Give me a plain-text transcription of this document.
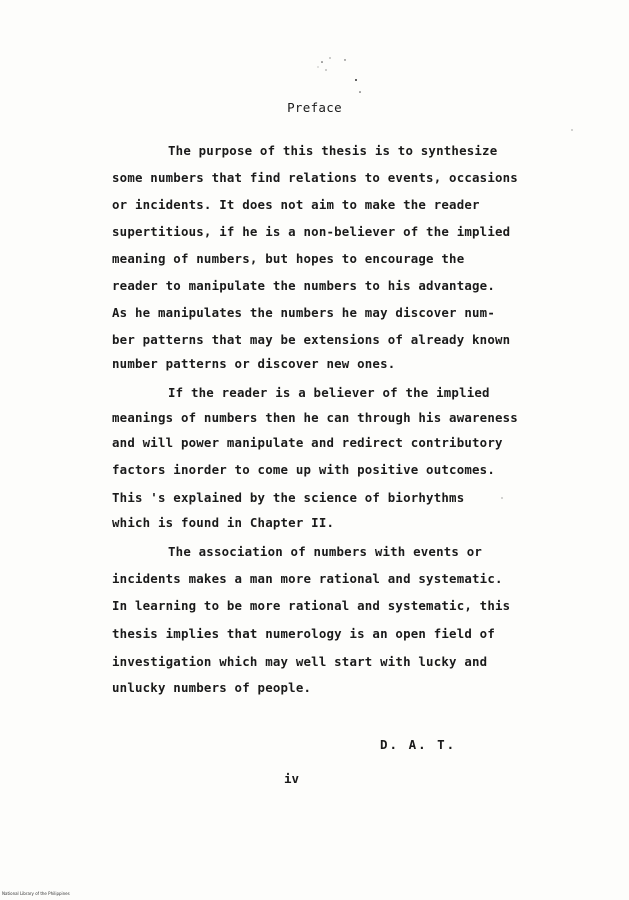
Preface
The purpose of this thesis is to synthesize
some numbers that find relations to events, occasions
or incidents. It does not aim to make the reader
supertitious, if he is a non-believer of the implied
meaning of numbers, but hopes to encourage the
reader to manipulate the numbers to his advantage.
As he manipulates the numbers he may discover num-
ber patterns that may be extensions of already known
number patterns or discover new ones.
If the reader is a believer of the implied
meanings of numbers then he can through his awareness
and will power manipulate and redirect contributory
factors inorder to come up with positive outcomes.
This 's explained by the science of biorhythms
which is found in Chapter II.
The association of numbers with events or
incidents makes a man more rational and systematic.
In learning to be more rational and systematic, this
thesis implies that numerology is an open field of
investigation which may well start with lucky and
unlucky numbers of people.
D. A. T.
iv
National Library of the Philippines
